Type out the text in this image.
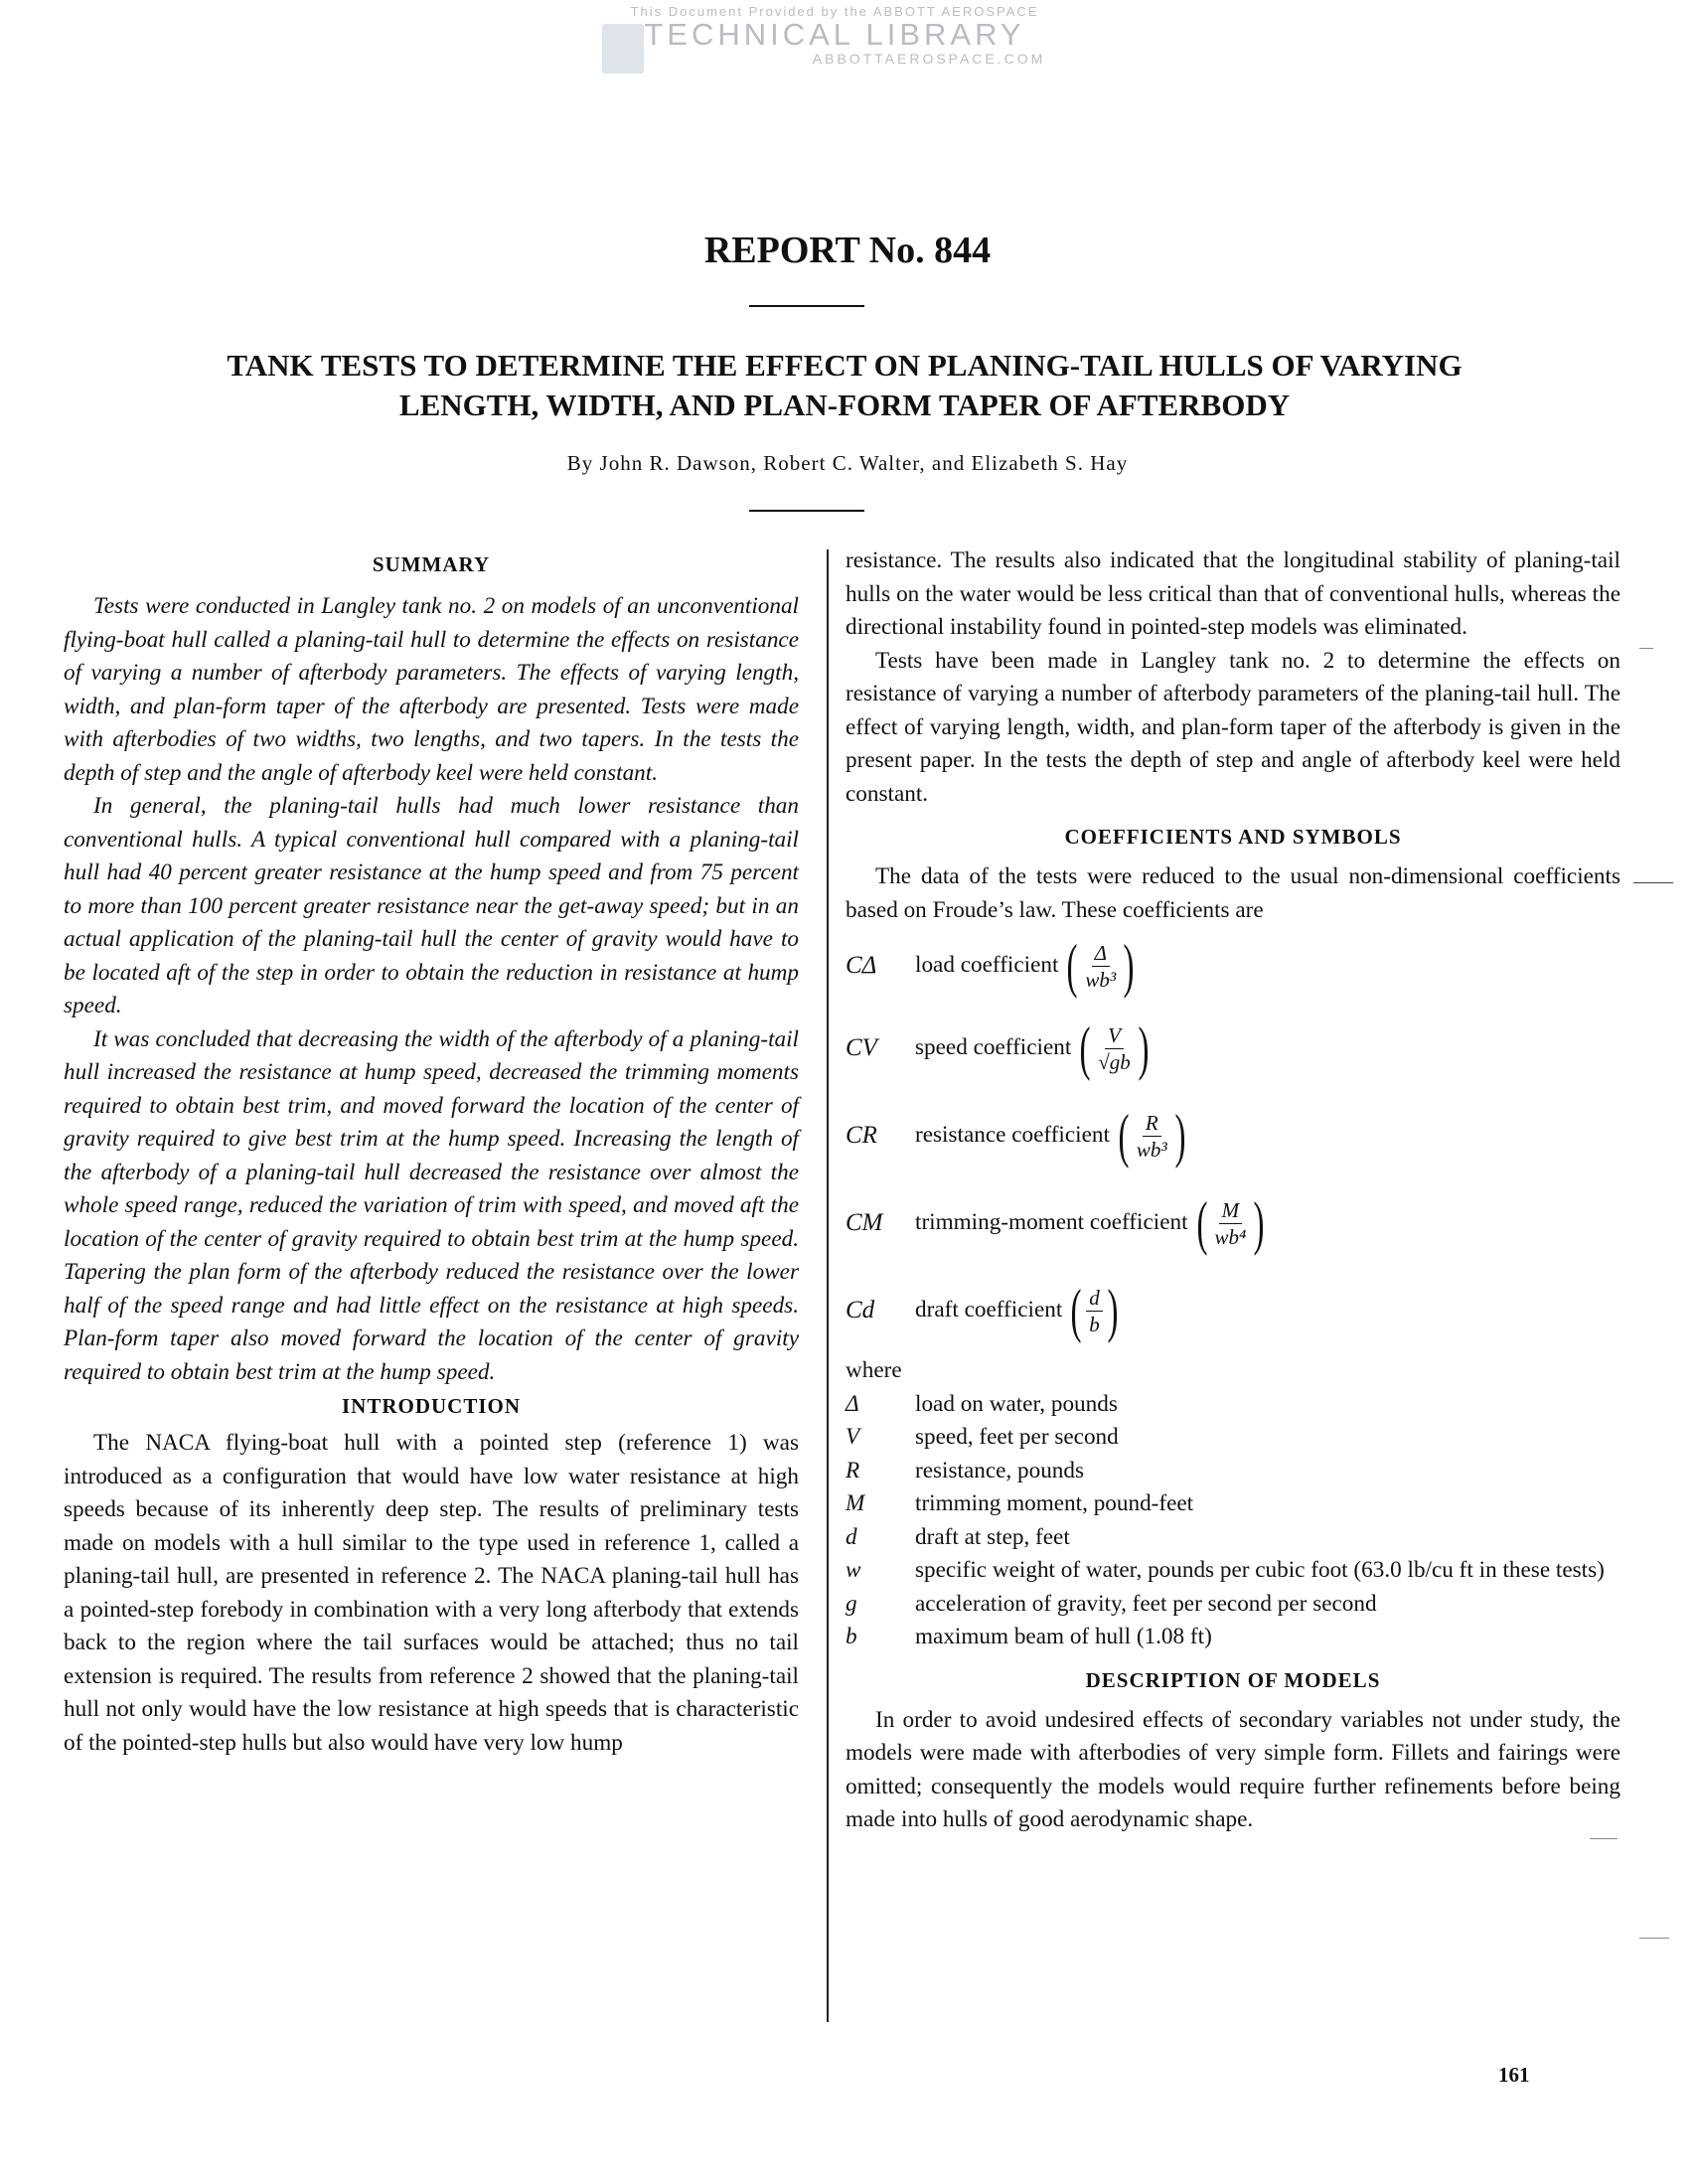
This Document Provided by the ABBOTT AEROSPACE
TECHNICAL LIBRARY
ABBOTTAEROSPACE.COM
REPORT No. 844
TANK TESTS TO DETERMINE THE EFFECT ON PLANING-TAIL HULLS OF VARYING
LENGTH, WIDTH, AND PLAN-FORM TAPER OF AFTERBODY
By John R. Dawson, Robert C. Walter, and Elizabeth S. Hay
SUMMARY

Tests were conducted in Langley tank no. 2 on models of an unconventional flying-boat hull called a planing-tail hull to determine the effects on resistance of varying a number of afterbody parameters. The effects of varying length, width, and plan-form taper of the afterbody are presented. Tests were made with afterbodies of two widths, two lengths, and two tapers. In the tests the depth of step and the angle of afterbody keel were held constant.

In general, the planing-tail hulls had much lower resistance than conventional hulls. A typical conventional hull compared with a planing-tail hull had 40 percent greater resistance at the hump speed and from 75 percent to more than 100 percent greater resistance near the get-away speed; but in an actual application of the planing-tail hull the center of gravity would have to be located aft of the step in order to obtain the reduction in resistance at hump speed.

It was concluded that decreasing the width of the afterbody of a planing-tail hull increased the resistance at hump speed, decreased the trimming moments required to obtain best trim, and moved forward the location of the center of gravity required to give best trim at the hump speed. Increasing the length of the afterbody of a planing-tail hull decreased the resistance over almost the whole speed range, reduced the variation of trim with speed, and moved aft the location of the center of gravity required to obtain best trim at the hump speed. Tapering the plan form of the afterbody reduced the resistance over the lower half of the speed range and had little effect on the resistance at high speeds. Plan-form taper also moved forward the location of the center of gravity required to obtain best trim at the hump speed.

INTRODUCTION

The NACA flying-boat hull with a pointed step (reference 1) was introduced as a configuration that would have low water resistance at high speeds because of its inherently deep step. The results of preliminary tests made on models with a hull similar to the type used in reference 1, called a planing-tail hull, are presented in reference 2. The NACA planing-tail hull has a pointed-step forebody in combination with a very long afterbody that extends back to the region where the tail surfaces would be attached; thus no tail extension is required. The results from reference 2 showed that the planing-tail hull not only would have the low resistance at high speeds that is characteristic of the pointed-step hulls but also would have very low hump

resistance. The results also indicated that the longitudinal stability of planing-tail hulls on the water would be less critical than that of conventional hulls, whereas the directional instability found in pointed-step models was eliminated.

Tests have been made in Langley tank no. 2 to determine the effects on resistance of varying a number of afterbody parameters of the planing-tail hull. The effect of varying length, width, and plan-form taper of the afterbody is given in the present paper. In the tests the depth of step and angle of afterbody keel were held constant.

COEFFICIENTS AND SYMBOLS

The data of the tests were reduced to the usual non-dimensional coefficients based on Froude’s law. These coefficients are

CΔ	load coefficient ( $\frac{\Delta}{\text{wb³}}$ )
CV	speed coefficient ( $\frac{V}{√gb}$ )
CR	resistance coefficient ( $\frac{R}{\text{wb³}}$ )
CM	trimming-moment coefficient ( $\frac{M}{\text{wb⁴}}$ )
Cd	draft coefficient ( $\frac{d}{b}$ )
where
Δ	load on water, pounds
V	speed, feet per second
R	resistance, pounds
M	trimming moment, pound-feet
d	draft at step, feet
w	specific weight of water, pounds per cubic foot (63.0 lb/cu ft in these tests)
g	acceleration of gravity, feet per second per second
b	maximum beam of hull (1.08 ft)
DESCRIPTION OF MODELS

In order to avoid undesired effects of secondary variables not under study, the models were made with afterbodies of very simple form. Fillets and fairings were omitted; consequently the models would require further refinements before being made into hulls of good aerodynamic shape.

161
